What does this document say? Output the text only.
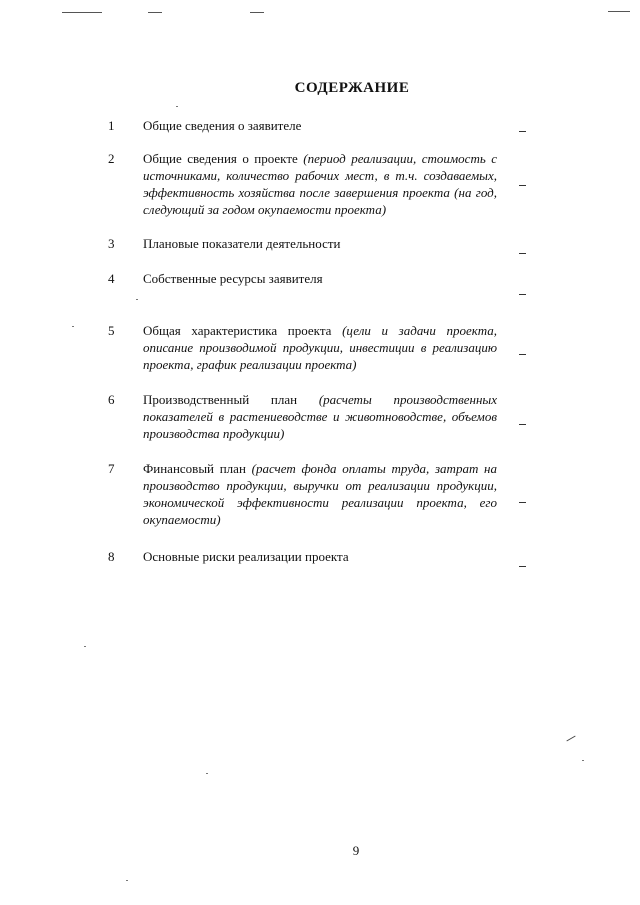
СОДЕРЖАНИЕ
1 Общие сведения о заявителе
2 Общие сведения о проекте (период реализации, стоимость с источниками, количество рабочих мест, в т.ч. создаваемых, эффективность хозяйства после завершения проекта (на год, следующий за годом окупаемости проекта)
3 Плановые показатели деятельности
4 Собственные ресурсы заявителя
5 Общая характеристика проекта (цели и задачи проекта, описание производимой продукции, инвестиции в реализацию проекта, график реализации проекта)
6 Производственный план (расчеты производственных показателей в растениеводстве и животноводстве, объемов производства продукции)
7 Финансовый план (расчет фонда оплаты труда, затрат на производство продукции, выручки от реализации продукции, экономической эффективности реализации проекта, его окупаемости)
8 Основные риски реализации проекта
9
